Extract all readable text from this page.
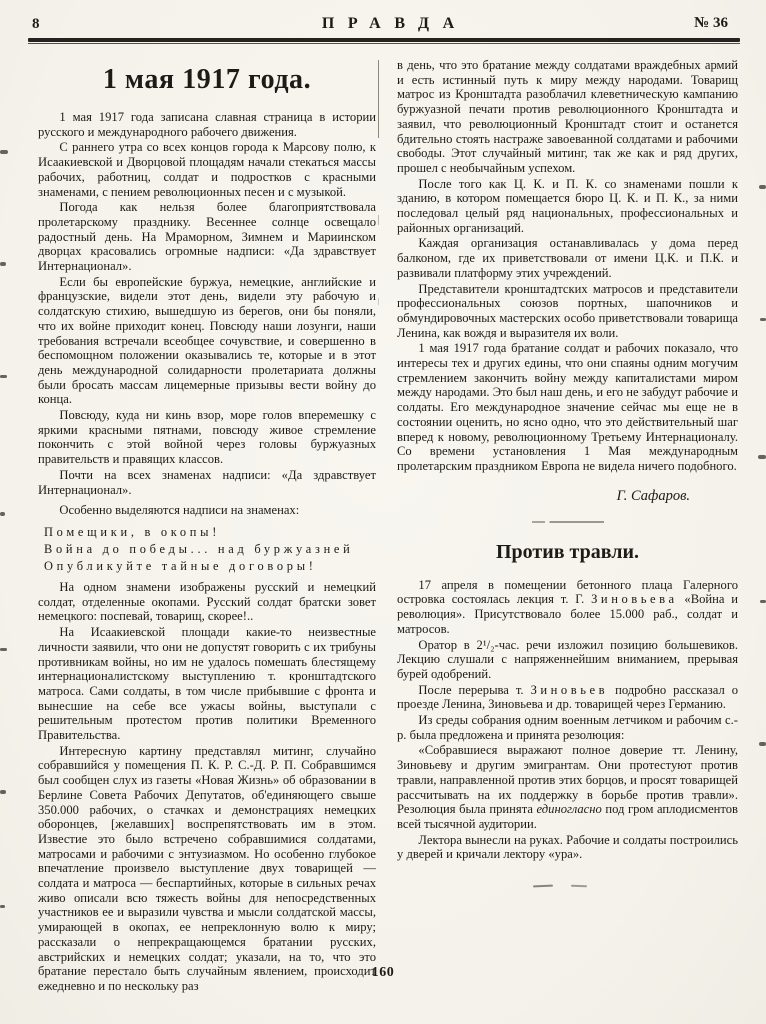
8	ПРАВДА	№ 36
1 мая 1917 года.

1 мая 1917 года записана славная страница в истории русского и международного рабочего движения.

С раннего утра со всех концов города к Марсову полю, к Исаакиевской и Дворцовой площадям начали стекаться массы рабочих, работниц, солдат и подростков с красными знаменами, с пением революционных песен и с музыкой.

Погода как нельзя более благоприятствовала пролетарскому празднику. Весеннее солнце освещало радостный день. На Мраморном, Зимнем и Мариинском дворцах красовались огромные надписи: «Да здравствует Интернационал».

Если бы европейские буржуа, немецкие, английские и французские, видели этот день, видели эту рабочую и солдатскую стихию, вышедшую из берегов, они бы поняли, что их войне приходит конец. Повсюду наши лозунги, наши требования встречали всеобщее сочувствие, и совершенно в беспомощном положении оказывались те, которые и в этот день международной солидарности пролетариата должны были бросать массам лицемерные призывы вести войну до конца.

Повсюду, куда ни кинь взор, море голов вперемешку с яркими красными пятнами, повсюду живое стремление покончить с этой войной через головы буржуазных правительств и правящих классов.

Почти на всех знаменах надписи: «Да здравствует Интернационал».

Особенно выделяются надписи на знаменах:

Помещики, в окопы!

Война до победы... над буржуазней

Опубликуйте тайные договоры!

На одном знамени изображены русский и немецкий солдат, отделенные окопами. Русский солдат братски зовет немецкого: поспевай, товарищ, скорее!..

На Исаакиевской площади какие-то неизвестные личности заявили, что они не допустят говорить с их трибуны противникам войны, но им не удалось помешать блестящему интернационалистскому выступлению т. кронштадтского матроса. Сами солдаты, в том числе прибывшие с фронта и вынесшие на себе все ужасы войны, выступали с решительным протестом против политики Временного Правительства.

Интересную картину представлял митинг, случайно собравшийся у помещения П. К. Р. С.-Д. Р. П. Собравшимся был сообщен слух из газеты «Новая Жизнь» об образовании в Берлине Совета Рабочих Депутатов, об'единяющего свыше 350.000 рабочих, о стачках и демонстрациях немецких оборонцев, [желавших] воспрепятствовать им в этом. Известие это было встречено собравшимися солдатами, матросами и рабочими с энтузиазмом. Но особенно глубокое впечатление произвело выступление двух товарищей — солдата и матроса — беспартийных, которые в сильных речах живо описали всю тяжесть войны для непосредственных участников ее и выразили чувства и мысли солдатской массы, умирающей в окопах, ее непреклонную волю к миру; рассказали о непрекращающемся братании русских, австрийских и немецких солдат; указали, на то, что это братание перестало быть случайным явлением, происходит ежедневно и по нескольку раз

в день, что это братание между солдатами враждебных армий и есть истинный путь к миру между народами. Товарищ матрос из Кронштадта разоблачил клеветническую кампанию буржуазной печати против революционного Кронштадта и заявил, что революционный Кронштадт стоит и останется бдительно стоять настраже завоеванной солдатами и рабочими свободы. Этот случайный митинг, так же как и ряд других, прошел с необычайным успехом.

После того как Ц. К. и П. К. со знаменами пошли к зданию, в котором помещается бюро Ц. К. и П. К., за ними последовал целый ряд национальных, профессиональных и районных организаций.

Каждая организация останавливалась у дома перед балконом, где их приветствовали от имени Ц.К. и П.К. и развивали платформу этих учреждений.

Представители кронштадтских матросов и представители профессиональных союзов портных, шапочников и обмундировочных мастерских особо приветствовали товарища Ленина, как вождя и выразителя их воли.

1 мая 1917 года братание солдат и рабочих показало, что интересы тех и других едины, что они спаяны одним могучим стремлением закончить войну между капиталистами миром между народами. Это был наш день, и его не забудут рабочие и солдаты. Его международное значение сейчас мы еще не в состоянии оценить, но ясно одно, что это действительный шаг вперед к новому, революционному Третьему Интернационалу. Со времени установления 1 Мая международным пролетарским праздником Европа не видела ничего подобного.

Г. Сафаров.

Против травли.

17 апреля в помещении бетонного плаца Галерного островка состоялась лекция т. Г. Зиновьева «Война и революция». Присутствовало более 15.000 раб., солдат и матросов.

Оратор в 2¹/₂-час. речи изложил позицию большевиков. Лекцию слушали с напряженнейшим вниманием, прерывая бурей одобрений.

После перерыва т. Зиновьев подробно рассказал о проезде Ленина, Зиновьева и др. товарищей через Германию.

Из среды собрания одним военным летчиком и рабочим с.-р. была предложена и принята резолюция:

«Собравшиеся выражают полное доверие тт. Ленину, Зиновьеву и другим эмигрантам. Они протестуют против травли, направленной против этих борцов, и просят товарищей рассчитывать на их поддержку в борьбе против травли». Резолюция была принята единогласно под гром аплодисментов всей тысячной аудитории.

Лектора вынесли на руках. Рабочие и солдаты построились у дверей и кричали лектору «ура».

160
